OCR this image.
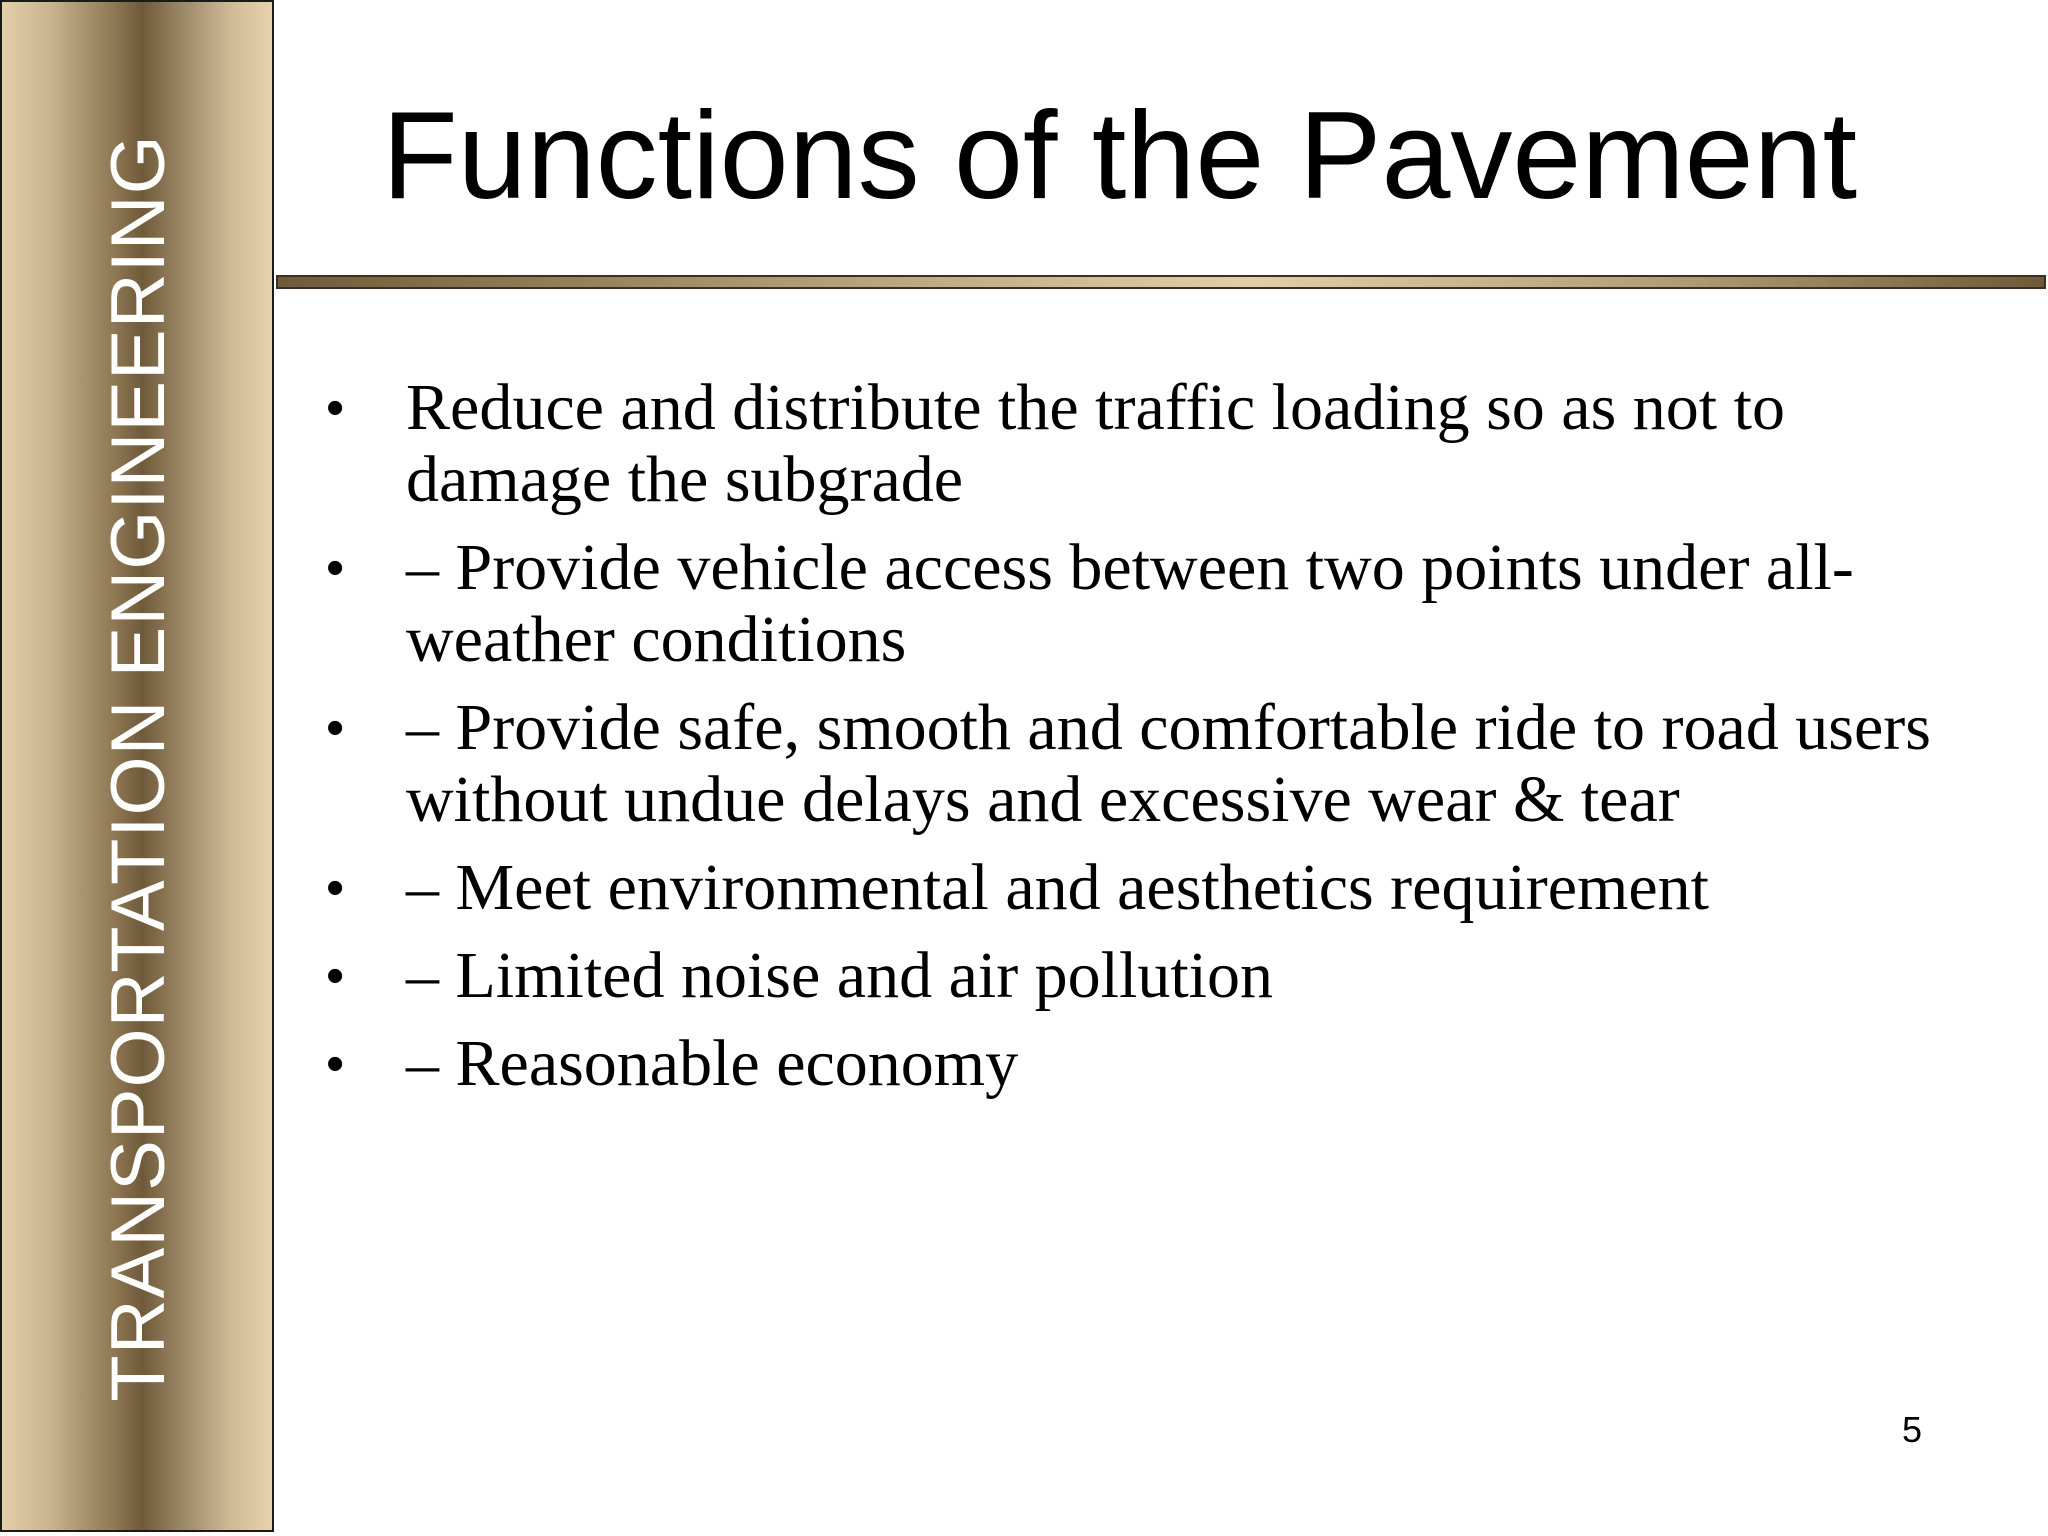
TRANSPORTATION ENGINEERING Functions of the Pavement
• Reduce and distribute the traffic loading so as not to damage the subgrade
• – Provide vehicle access between two points under all-weather conditions
• – Provide safe, smooth and comfortable ride to road users without undue delays and excessive wear & tear
• – Meet environmental and aesthetics requirement
• – Limited noise and air pollution
• – Reasonable economy
5
